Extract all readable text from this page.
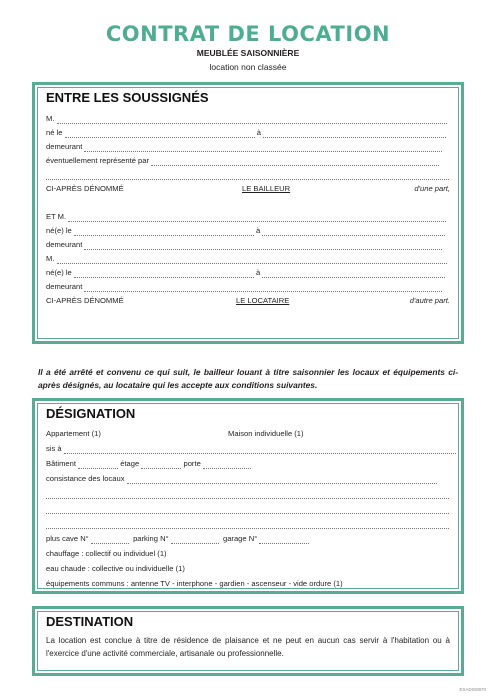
CONTRAT DE LOCATION
MEUBLÉE SAISONNIÈRE
location non classée
ENTRE LES SOUSSIGNÉS
M.
né le	à
demeurant
éventuellement représenté par
CI-APRÈS DÉNOMMÉ	LE BAILLEUR	d'une part,
ET M.
né(e) le	à
demeurant
M.
né(e) le	à
demeurant
CI-APRÈS DÉNOMMÉ	LE LOCATAIRE	d'autre part.
Il a été arrêté et convenu ce qui suit, le bailleur louant à titre saisonnier les locaux et équipements ci-après désignés, au locataire qui les accepte aux conditions suivantes.
DÉSIGNATION
Appartement (1)	Maison individuelle (1)
sis à
Bâtiment	étage	porte
consistance des locaux
plus cave N°	parking N°	garage N°
chauffage : collectif ou individuel (1)
eau chaude : collective ou individuelle (1)
équipements communs : antenne TV - interphone - gardien - ascenseur - vide ordure (1)
DESTINATION
La location est conclue à titre de résidence de plaisance et ne peut en aucun cas servir à l'habitation ou à l'exercice d'une activité commerciale, artisanale ou professionnelle.
EXADIS0970
